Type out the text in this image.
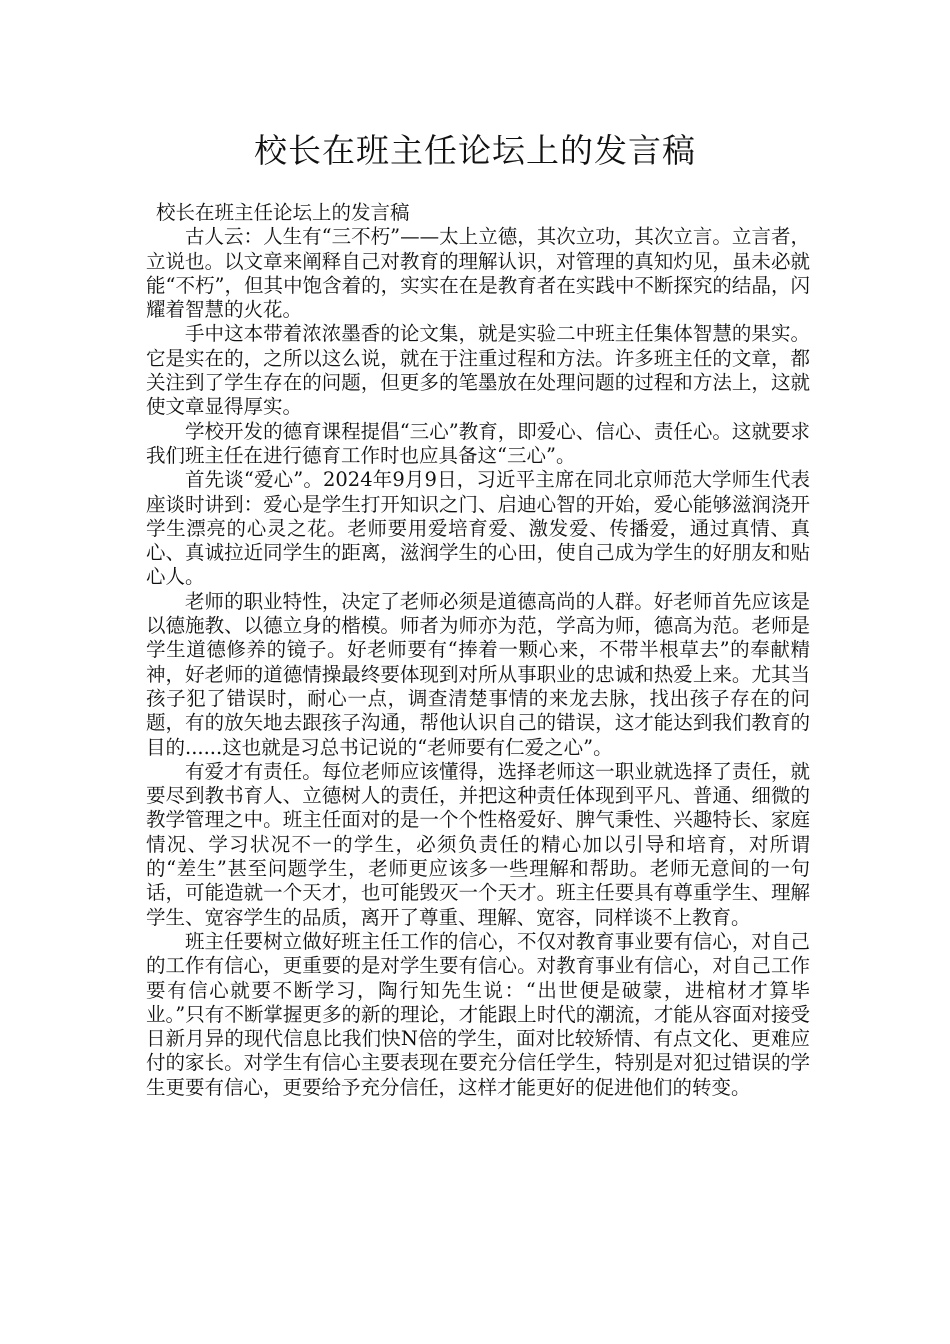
校长在班主任论坛上的发言稿

校长在班主任论坛上的发言稿

古人云：人生有“三不朽”——太上立德，其次立功，其次立言。立言者，立说也。以文章来阐释自己对教育的理解认识，对管理的真知灼见，虽未必就能“不朽”，但其中饱含着的，实实在在是教育者在实践中不断探究的结晶，闪耀着智慧的火花。

手中这本带着浓浓墨香的论文集，就是实验二中班主任集体智慧的果实。它是实在的，之所以这么说，就在于注重过程和方法。许多班主任的文章，都关注到了学生存在的问题，但更多的笔墨放在处理问题的过程和方法上，这就使文章显得厚实。

学校开发的德育课程提倡“三心”教育，即爱心、信心、责任心。这就要求我们班主任在进行德育工作时也应具备这“三心”。

首先谈“爱心”。2024年9月9日，习近平主席在同北京师范大学师生代表座谈时讲到：爱心是学生打开知识之门、启迪心智的开始，爱心能够滋润浇开学生漂亮的心灵之花。老师要用爱培育爱、激发爱、传播爱，通过真情、真心、真诚拉近同学生的距离，滋润学生的心田，使自己成为学生的好朋友和贴心人。

老师的职业特性，决定了老师必须是道德高尚的人群。好老师首先应该是以德施教、以德立身的楷模。师者为师亦为范，学高为师，德高为范。老师是学生道德修养的镜子。好老师要有“捧着一颗心来，不带半根草去”的奉献精神，好老师的道德情操最终要体现到对所从事职业的忠诚和热爱上来。尤其当孩子犯了错误时，耐心一点，调查清楚事情的来龙去脉，找出孩子存在的问题，有的放矢地去跟孩子沟通，帮他认识自己的错误，这才能达到我们教育的目的......这也就是习总书记说的“老师要有仁爱之心”。

有爱才有责任。每位老师应该懂得，选择老师这一职业就选择了责任，就要尽到教书育人、立德树人的责任，并把这种责任体现到平凡、普通、细微的教学管理之中。班主任面对的是一个个性格爱好、脾气秉性、兴趣特长、家庭情况、学习状况不一的学生，必须负责任的精心加以引导和培育，对所谓的“差生”甚至问题学生，老师更应该多一些理解和帮助。老师无意间的一句话，可能造就一个天才，也可能毁灭一个天才。班主任要具有尊重学生、理解学生、宽容学生的品质，离开了尊重、理解、宽容，同样谈不上教育。

班主任要树立做好班主任工作的信心，不仅对教育事业要有信心，对自己的工作有信心，更重要的是对学生要有信心。对教育事业有信心，对自己工作要有信心就要不断学习，陶行知先生说：“出世便是破蒙，进棺材才算毕业。”只有不断掌握更多的新的理论，才能跟上时代的潮流，才能从容面对接受日新月异的现代信息比我们快N倍的学生，面对比较矫情、有点文化、更难应付的家长。对学生有信心主要表现在要充分信任学生，特别是对犯过错误的学生更要有信心，更要给予充分信任，这样才能更好的促进他们的转变。
